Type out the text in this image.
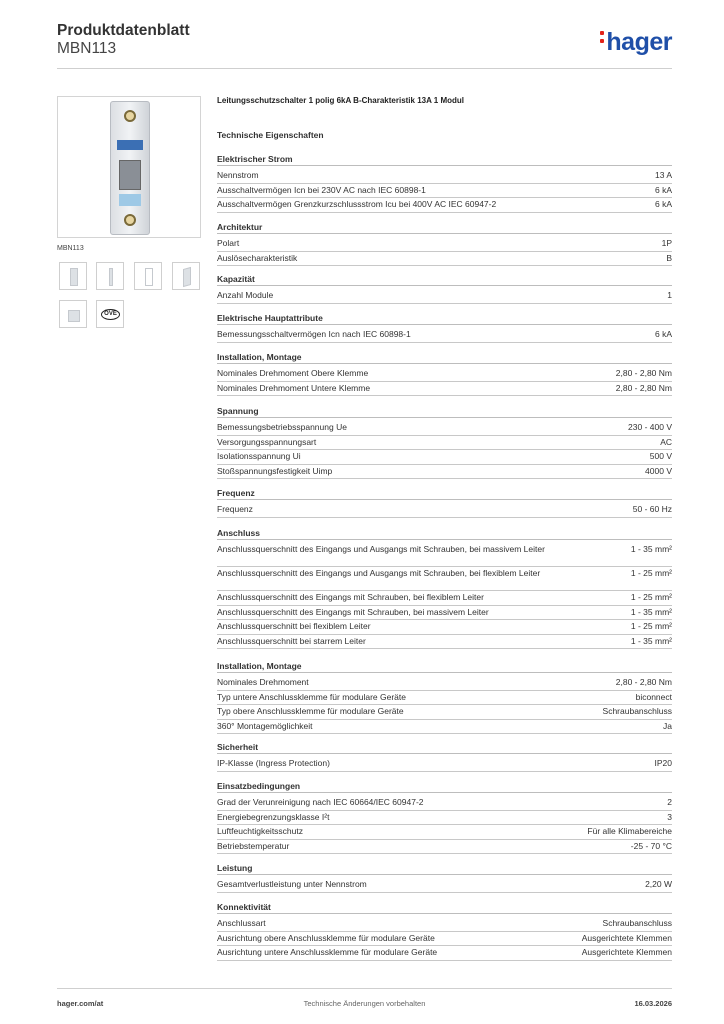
Produktdatenblatt
MBN113	hager
MBN113
ÖVE
Leitungsschutzschalter 1 polig 6kA B-Charakteristik 13A 1 Modul
Technische Eigenschaften
Elektrischer Strom
Nennstrom	13 A
Ausschaltvermögen Icn bei 230V AC nach IEC 60898-1	6 kA
Ausschaltvermögen Grenzkurzschlussstrom Icu bei 400V AC IEC 60947-2	6 kA
Architektur
Polart	1P
Auslösecharakteristik	B
Kapazität
Anzahl Module	1
Elektrische Hauptattribute
Bemessungsschaltvermögen Icn nach IEC 60898-1	6 kA
Installation, Montage
Nominales Drehmoment Obere Klemme	2,80 - 2,80 Nm
Nominales Drehmoment Untere Klemme	2,80 - 2,80 Nm
Spannung
Bemessungsbetriebsspannung Ue	230 - 400 V
Versorgungsspannungsart	AC
Isolationsspannung Ui	500 V
Stoßspannungsfestigkeit Uimp	4000 V
Frequenz
Frequenz	50 - 60 Hz
Anschluss
Anschlussquerschnitt des Eingangs und Ausgangs mit Schrauben, bei massivem Leiter	1 - 35 mm²
Anschlussquerschnitt des Eingangs und Ausgangs mit Schrauben, bei flexiblem Leiter	1 - 25 mm²
Anschlussquerschnitt des Eingangs mit Schrauben, bei flexiblem Leiter	1 - 25 mm²
Anschlussquerschnitt des Eingangs mit Schrauben, bei massivem Leiter	1 - 35 mm²
Anschlussquerschnitt bei flexiblem Leiter	1 - 25 mm²
Anschlussquerschnitt bei starrem Leiter	1 - 35 mm²
Installation, Montage
Nominales Drehmoment	2,80 - 2,80 Nm
Typ untere Anschlussklemme für modulare Geräte	biconnect
Typ obere Anschlussklemme für modulare Geräte	Schraubanschluss
360° Montagemöglichkeit	Ja
Sicherheit
IP-Klasse (Ingress Protection)	IP20
Einsatzbedingungen
Grad der Verunreinigung nach IEC 60664/IEC 60947-2	2
Energiebegrenzungsklasse I²t	3
Luftfeuchtigkeitsschutz	Für alle Klimabereiche
Betriebstemperatur	-25 - 70 °C
Leistung
Gesamtverlustleistung unter Nennstrom	2,20 W
Konnektivität
Anschlussart	Schraubanschluss
Ausrichtung obere Anschlussklemme für modulare Geräte	Ausgerichtete Klemmen
Ausrichtung untere Anschlussklemme für modulare Geräte	Ausgerichtete Klemmen
hager.com/at	Technische Änderungen vorbehalten	16.03.2026
